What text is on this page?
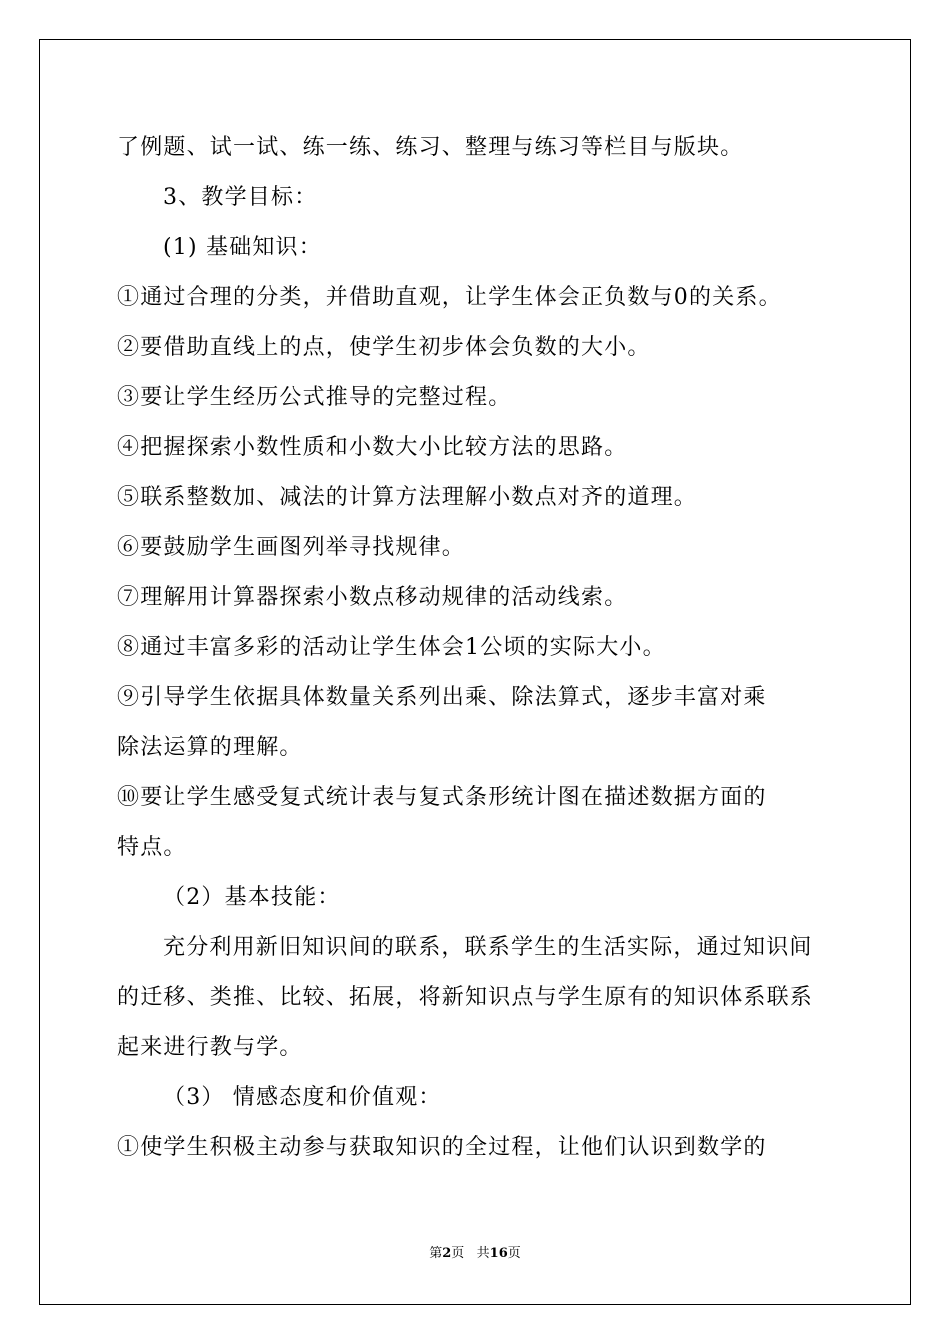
了例题、试一试、练一练、练习、整理与练习等栏目与版块。
3、教学目标：
(1) 基础知识：
①通过合理的分类，并借助直观，让学生体会正负数与0的关系。
②要借助直线上的点，使学生初步体会负数的大小。
③要让学生经历公式推导的完整过程。
④把握探索小数性质和小数大小比较方法的思路。
⑤联系整数加、减法的计算方法理解小数点对齐的道理。
⑥要鼓励学生画图列举寻找规律。
⑦理解用计算器探索小数点移动规律的活动线索。
⑧通过丰富多彩的活动让学生体会1公顷的实际大小。
⑨引导学生依据具体数量关系列出乘、除法算式，逐步丰富对乘
除法运算的理解。
⑩要让学生感受复式统计表与复式条形统计图在描述数据方面的
特点。
（2）基本技能：
充分利用新旧知识间的联系，联系学生的生活实际，通过知识间
的迁移、类推、比较、拓展，将新知识点与学生原有的知识体系联系
起来进行教与学。
（3） 情感态度和价值观：
①使学生积极主动参与获取知识的全过程，让他们认识到数学的
第2页   共16页
